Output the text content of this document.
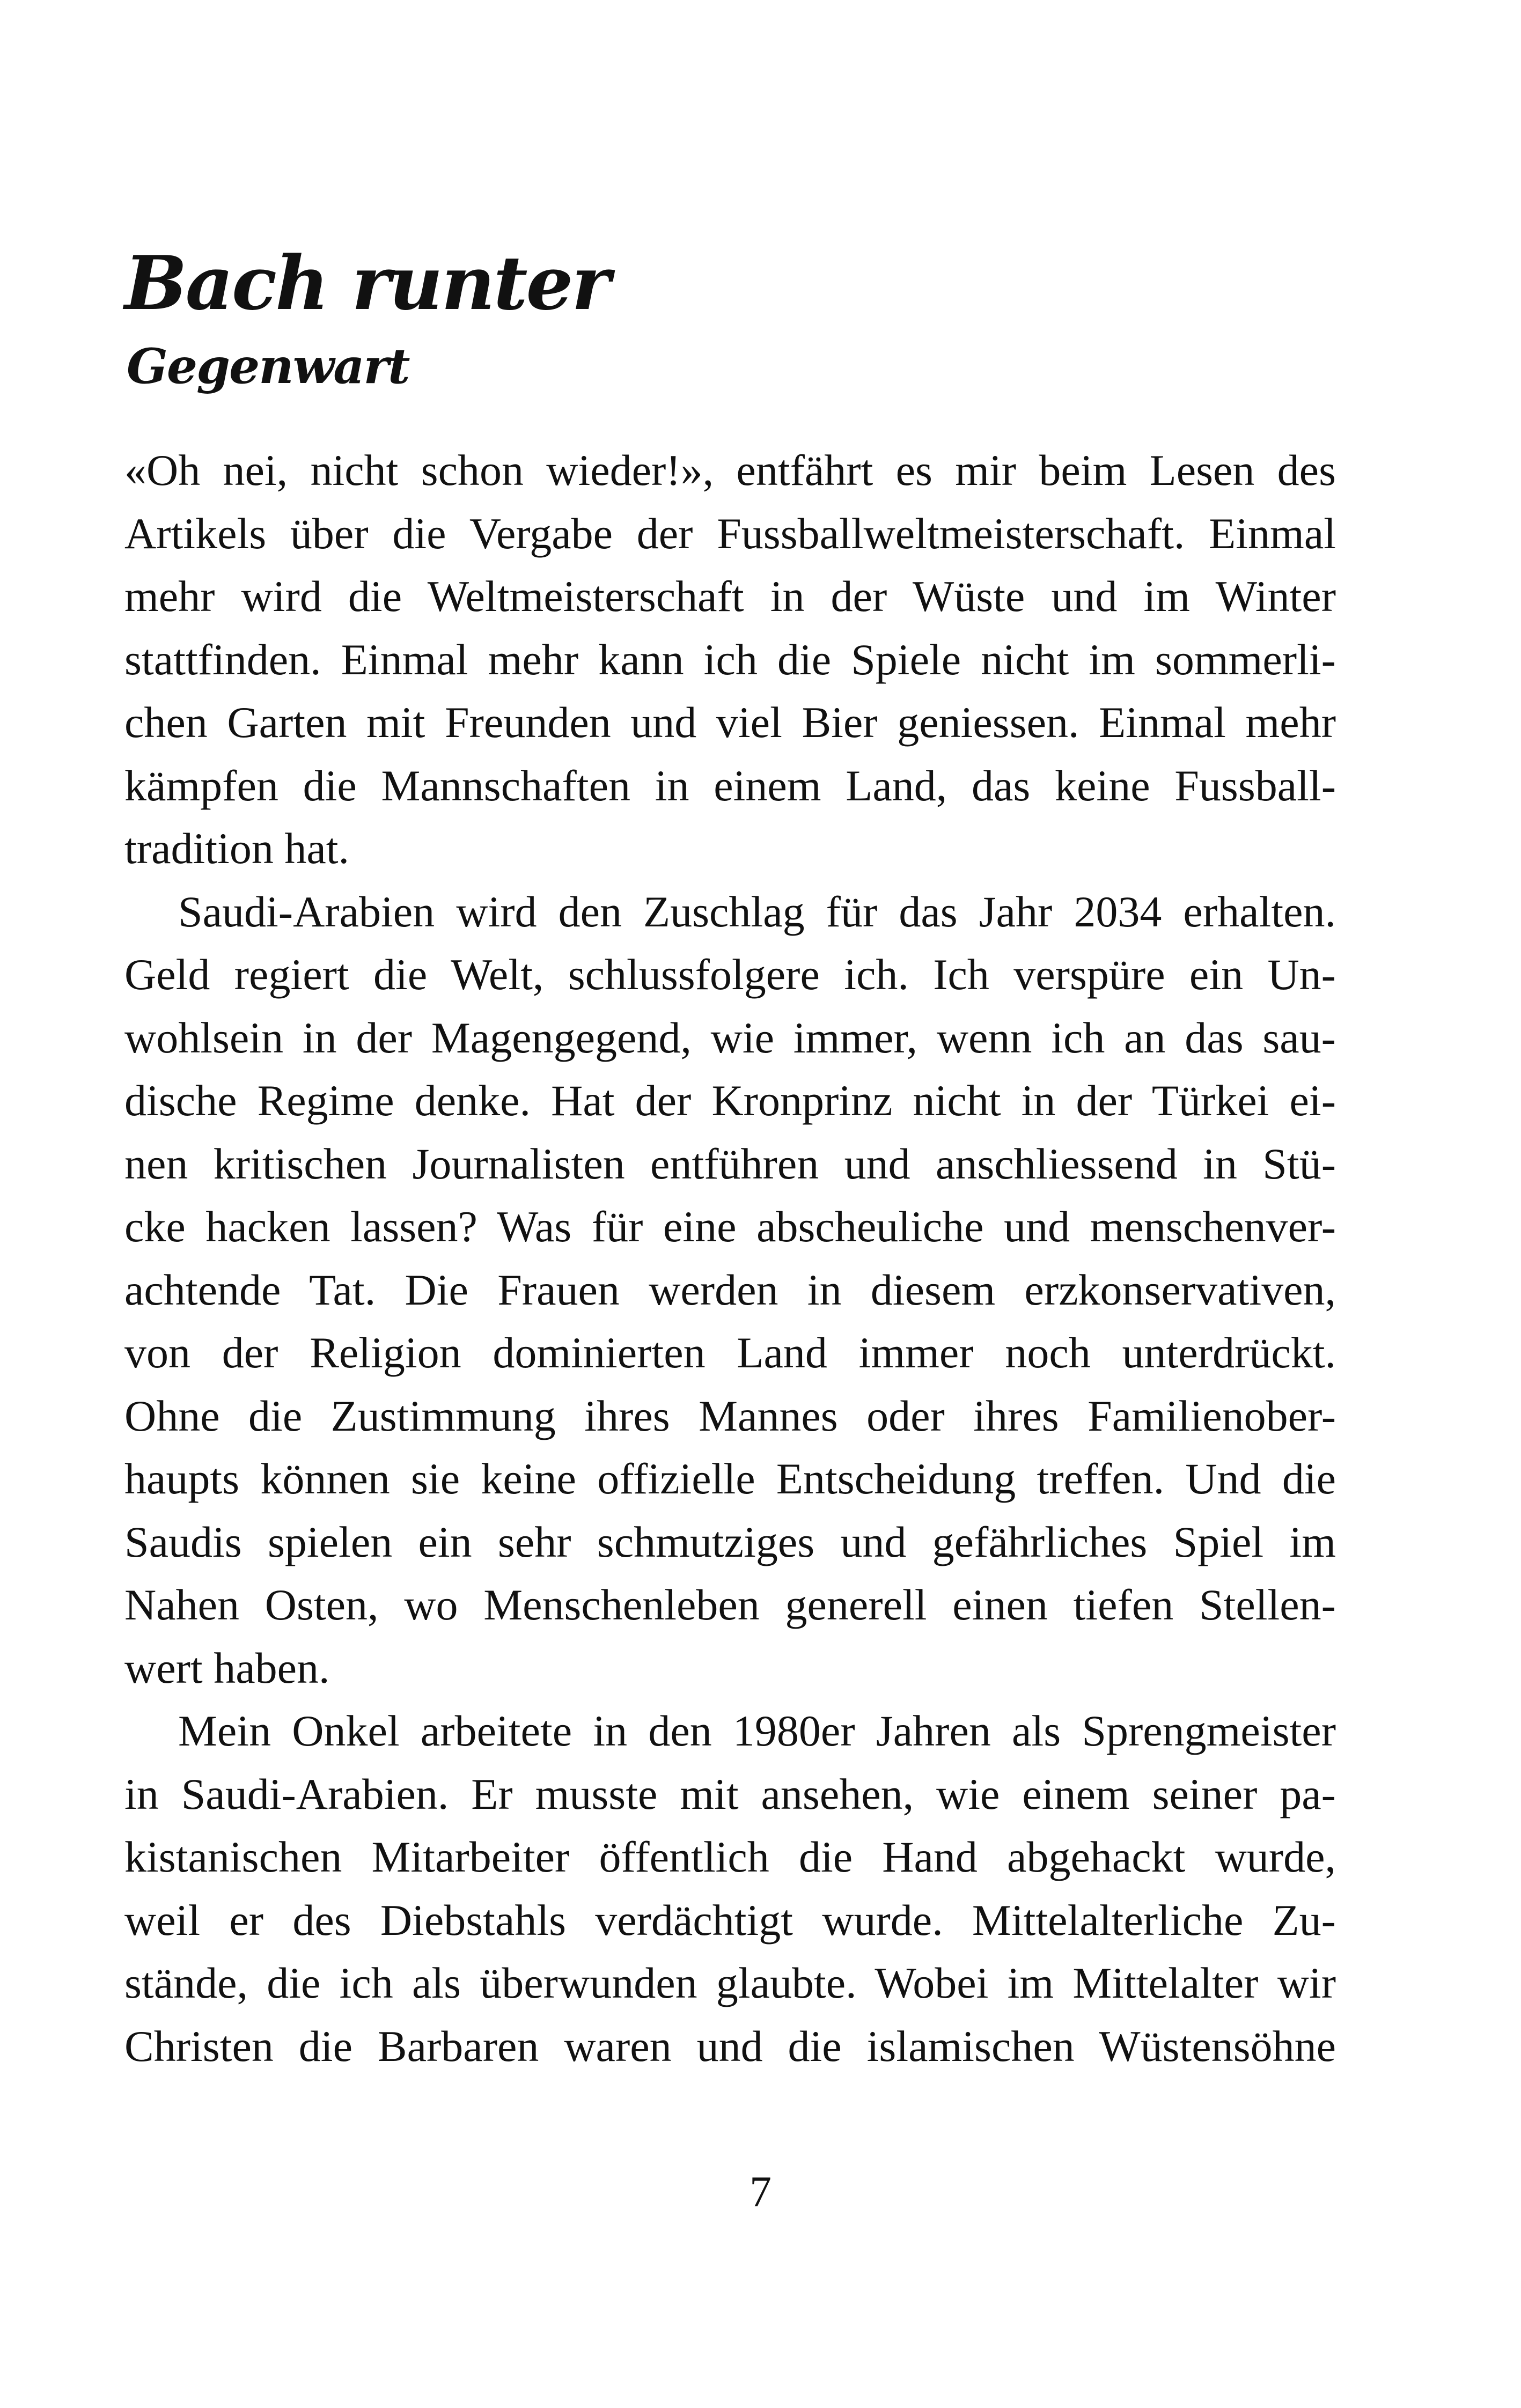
Bach runter
Gegenwart
«Oh nei, nicht schon wieder!», entfährt es mir beim Lesen des
Artikels über die Vergabe der Fussballweltmeisterschaft. Einmal
mehr wird die Weltmeisterschaft in der Wüste und im Winter
stattfinden. Einmal mehr kann ich die Spiele nicht im sommerli-
chen Garten mit Freunden und viel Bier geniessen. Einmal mehr
kämpfen die Mannschaften in einem Land, das keine Fussball-
tradition hat.
Saudi-Arabien wird den Zuschlag für das Jahr 2034 erhalten.
Geld regiert die Welt, schlussfolgere ich. Ich verspüre ein Un-
wohlsein in der Magengegend, wie immer, wenn ich an das sau-
dische Regime denke. Hat der Kronprinz nicht in der Türkei ei-
nen kritischen Journalisten entführen und anschliessend in Stü-
cke hacken lassen? Was für eine abscheuliche und menschenver-
achtende Tat. Die Frauen werden in diesem erzkonservativen,
von der Religion dominierten Land immer noch unterdrückt.
Ohne die Zustimmung ihres Mannes oder ihres Familienober-
haupts können sie keine offizielle Entscheidung treffen. Und die
Saudis spielen ein sehr schmutziges und gefährliches Spiel im
Nahen Osten, wo Menschenleben generell einen tiefen Stellen-
wert haben.
Mein Onkel arbeitete in den 1980er Jahren als Sprengmeister
in Saudi-Arabien. Er musste mit ansehen, wie einem seiner pa-
kistanischen Mitarbeiter öffentlich die Hand abgehackt wurde,
weil er des Diebstahls verdächtigt wurde. Mittelalterliche Zu-
stände, die ich als überwunden glaubte. Wobei im Mittelalter wir
Christen die Barbaren waren und die islamischen Wüstensöhne
7
